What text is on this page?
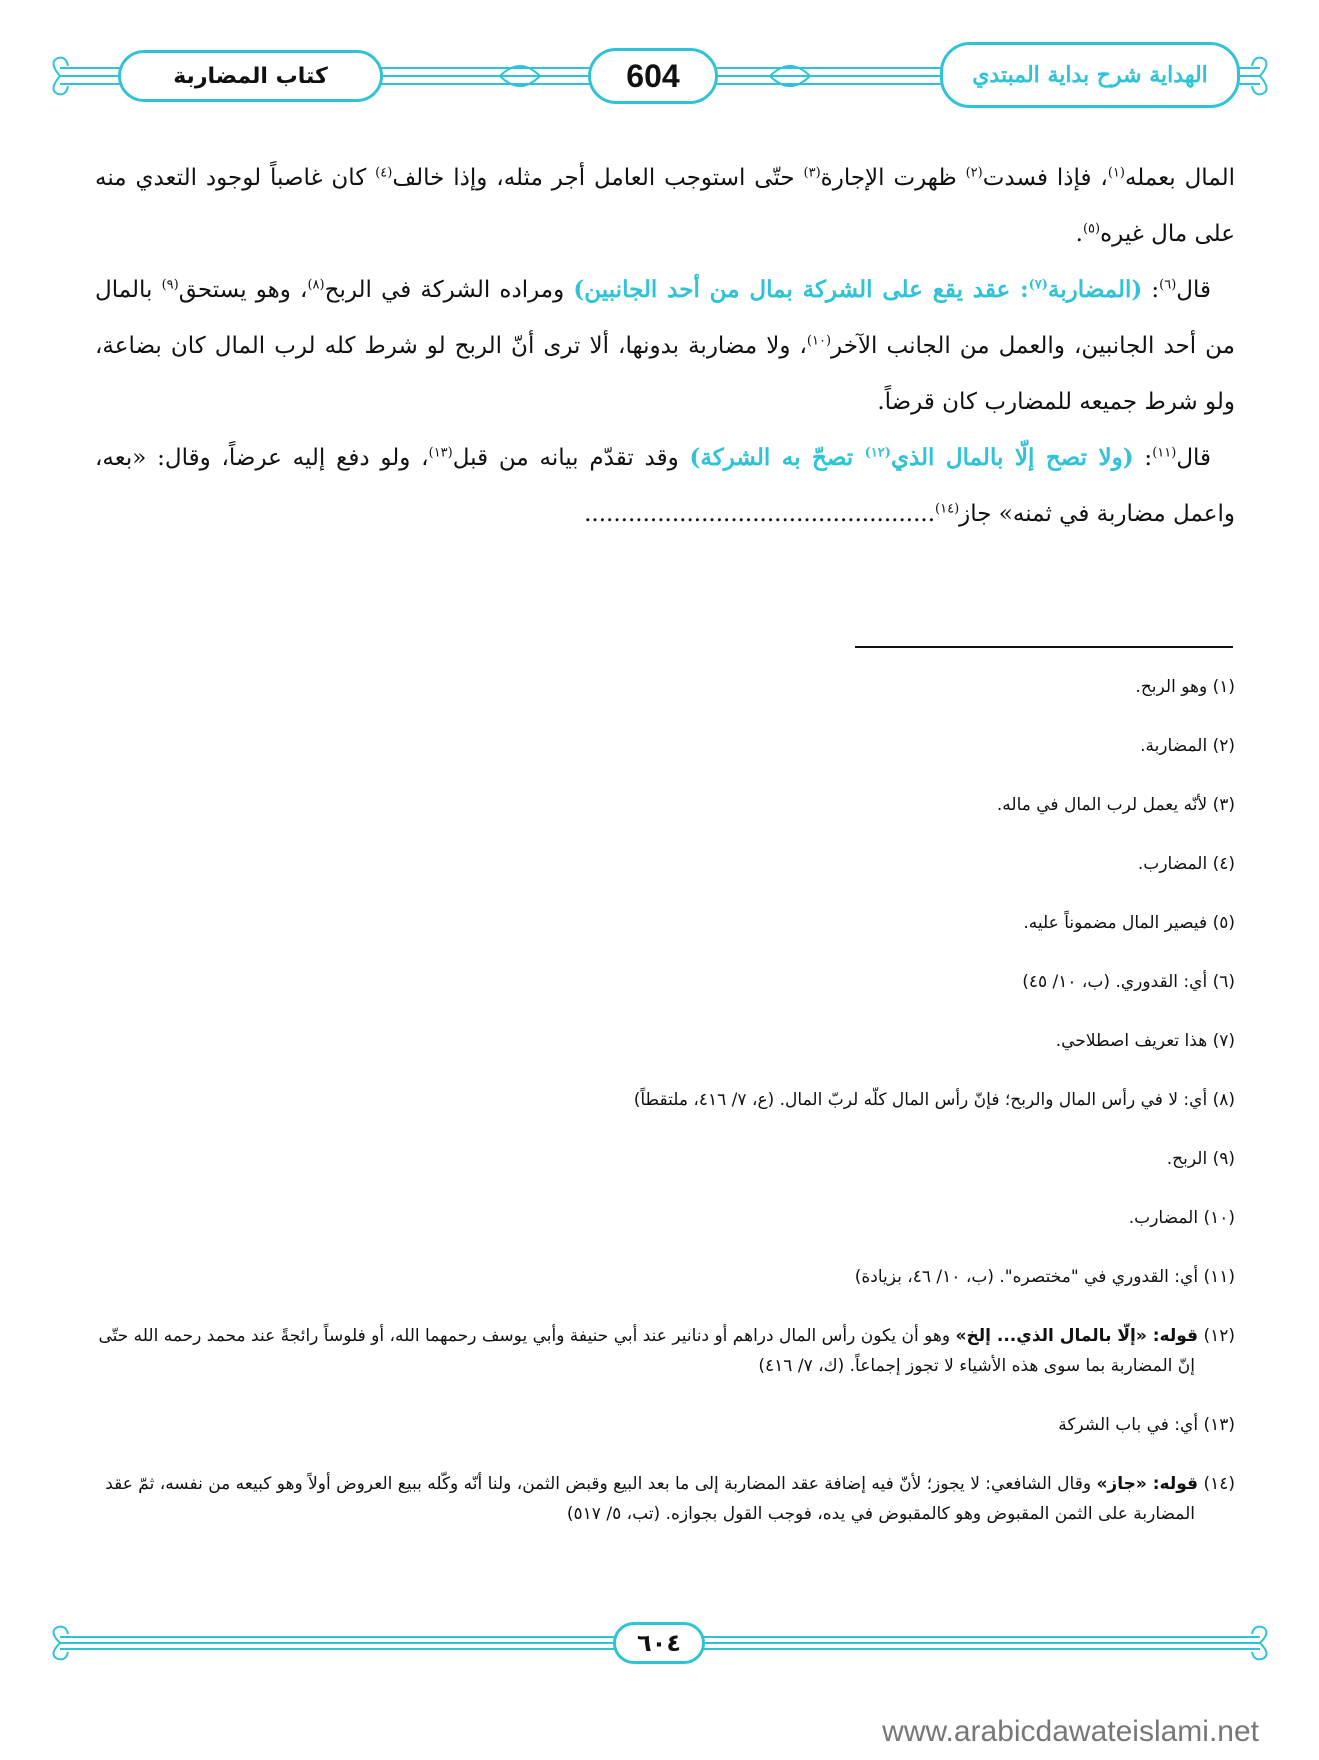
كتاب المضاربة	604	الهداية شرح بداية المبتدي

المال بعمله$^{(١)}$، فإذا فسدت$^{(٢)}$ ظهرت الإجارة$^{(٣)}$ حتّى استوجب العامل أجر مثله، وإذا خالف$^{(٤)}$ كان غاصباً لوجود التعدي منه على مال غيره$^{(٥)}$.

قال$^{(٦)}$: (المضاربة$^{(٧)}$: عقد يقع على الشركة بمال من أحد الجانبين) ومراده الشركة في الربح$^{(٨)}$، وهو يستحق$^{(٩)}$ بالمال من أحد الجانبين، والعمل من الجانب الآخر$^{(١٠)}$، ولا مضاربة بدونها، ألا ترى أنّ الربح لو شرط كله لرب المال كان بضاعة، ولو شرط جميعه للمضارب كان قرضاً.

قال$^{(١١)}$: (ولا تصح إلّا بالمال الذي$^{(١٢)}$ تصحّ به الشركة) وقد تقدّم بيانه من قبل$^{(١٣)}$، ولو دفع إليه عرضاً، وقال: «بعه، واعمل مضاربة في ثمنه» جاز$^{(١٤)}$................................................

(١) وهو الربح.

(٢) المضاربة.

(٣) لأنّه يعمل لرب المال في ماله.

(٤) المضارب.

(٥) فيصير المال مضموناً عليه.

(٦) أي: القدوري. (ب، ١٠/ ٤٥)

(٧) هذا تعريف اصطلاحي.

(٨) أي: لا في رأس المال والربح؛ فإنّ رأس المال كلّه لربّ المال. (ع، ٧/ ٤١٦، ملتقطاً)

(٩) الربح.

(١٠) المضارب.

(١١) أي: القدوري في "مختصره". (ب، ١٠/ ٤٦، بزيادة)

(١٢) قوله: «إلّا بالمال الذي... إلخ» وهو أن يكون رأس المال دراهم أو دنانير عند أبي حنيفة وأبي يوسف رحمهما الله، أو فلوساً رائجةً عند محمد رحمه الله حتّى إنّ المضاربة بما سوى هذه الأشياء لا تجوز إجماعاً. (ك، ٧/ ٤١٦)

(١٣) أي: في باب الشركة

(١٤) قوله: «جاز» وقال الشافعي: لا يجوز؛ لأنّ فيه إضافة عقد المضاربة إلى ما بعد البيع وقبض الثمن، ولنا أنّه وكّله ببيع العروض أولاً وهو كبيعه من نفسه، ثمّ عقد المضاربة على الثمن المقبوض وهو كالمقبوض في يده، فوجب القول بجوازه. (تب، ٥/ ٥١٧)

٦٠٤
www.arabicdawateislami.net
